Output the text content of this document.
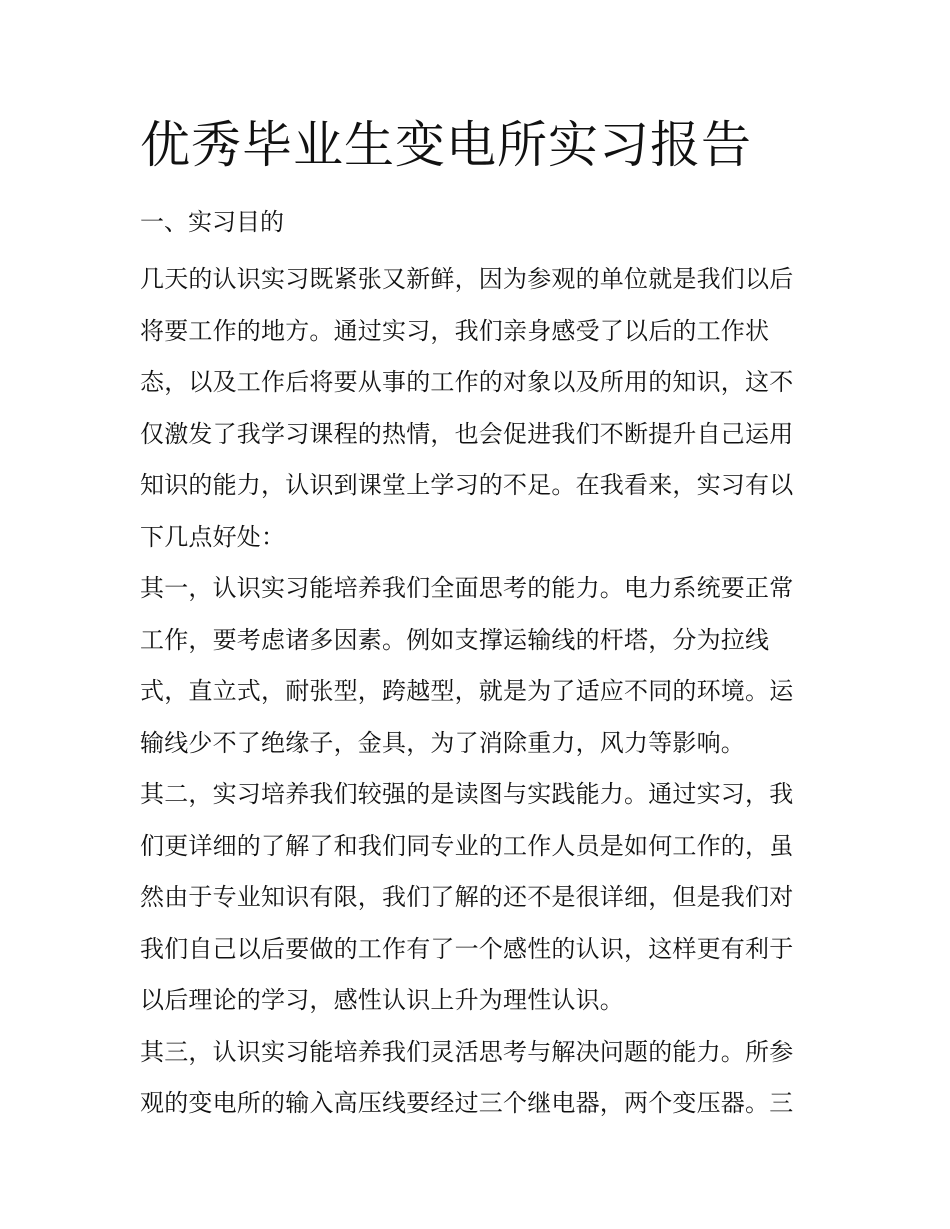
优秀毕业生变电所实习报告
一、实习目的
几天的认识实习既紧张又新鲜，因为参观的单位就是我们以后
将要工作的地方。通过实习，我们亲身感受了以后的工作状
态，以及工作后将要从事的工作的对象以及所用的知识，这不
仅激发了我学习课程的热情，也会促进我们不断提升自己运用
知识的能力，认识到课堂上学习的不足。在我看来，实习有以
下几点好处：
其一，认识实习能培养我们全面思考的能力。电力系统要正常
工作，要考虑诸多因素。例如支撑运输线的杆塔，分为拉线
式，直立式，耐张型，跨越型，就是为了适应不同的环境。运
输线少不了绝缘子，金具，为了消除重力，风力等影响。
其二，实习培养我们较强的是读图与实践能力。通过实习，我
们更详细的了解了和我们同专业的工作人员是如何工作的，虽
然由于专业知识有限，我们了解的还不是很详细，但是我们对
我们自己以后要做的工作有了一个感性的认识，这样更有利于
以后理论的学习，感性认识上升为理性认识。
其三，认识实习能培养我们灵活思考与解决问题的能力。所参
观的变电所的输入高压线要经过三个继电器，两个变压器。三
